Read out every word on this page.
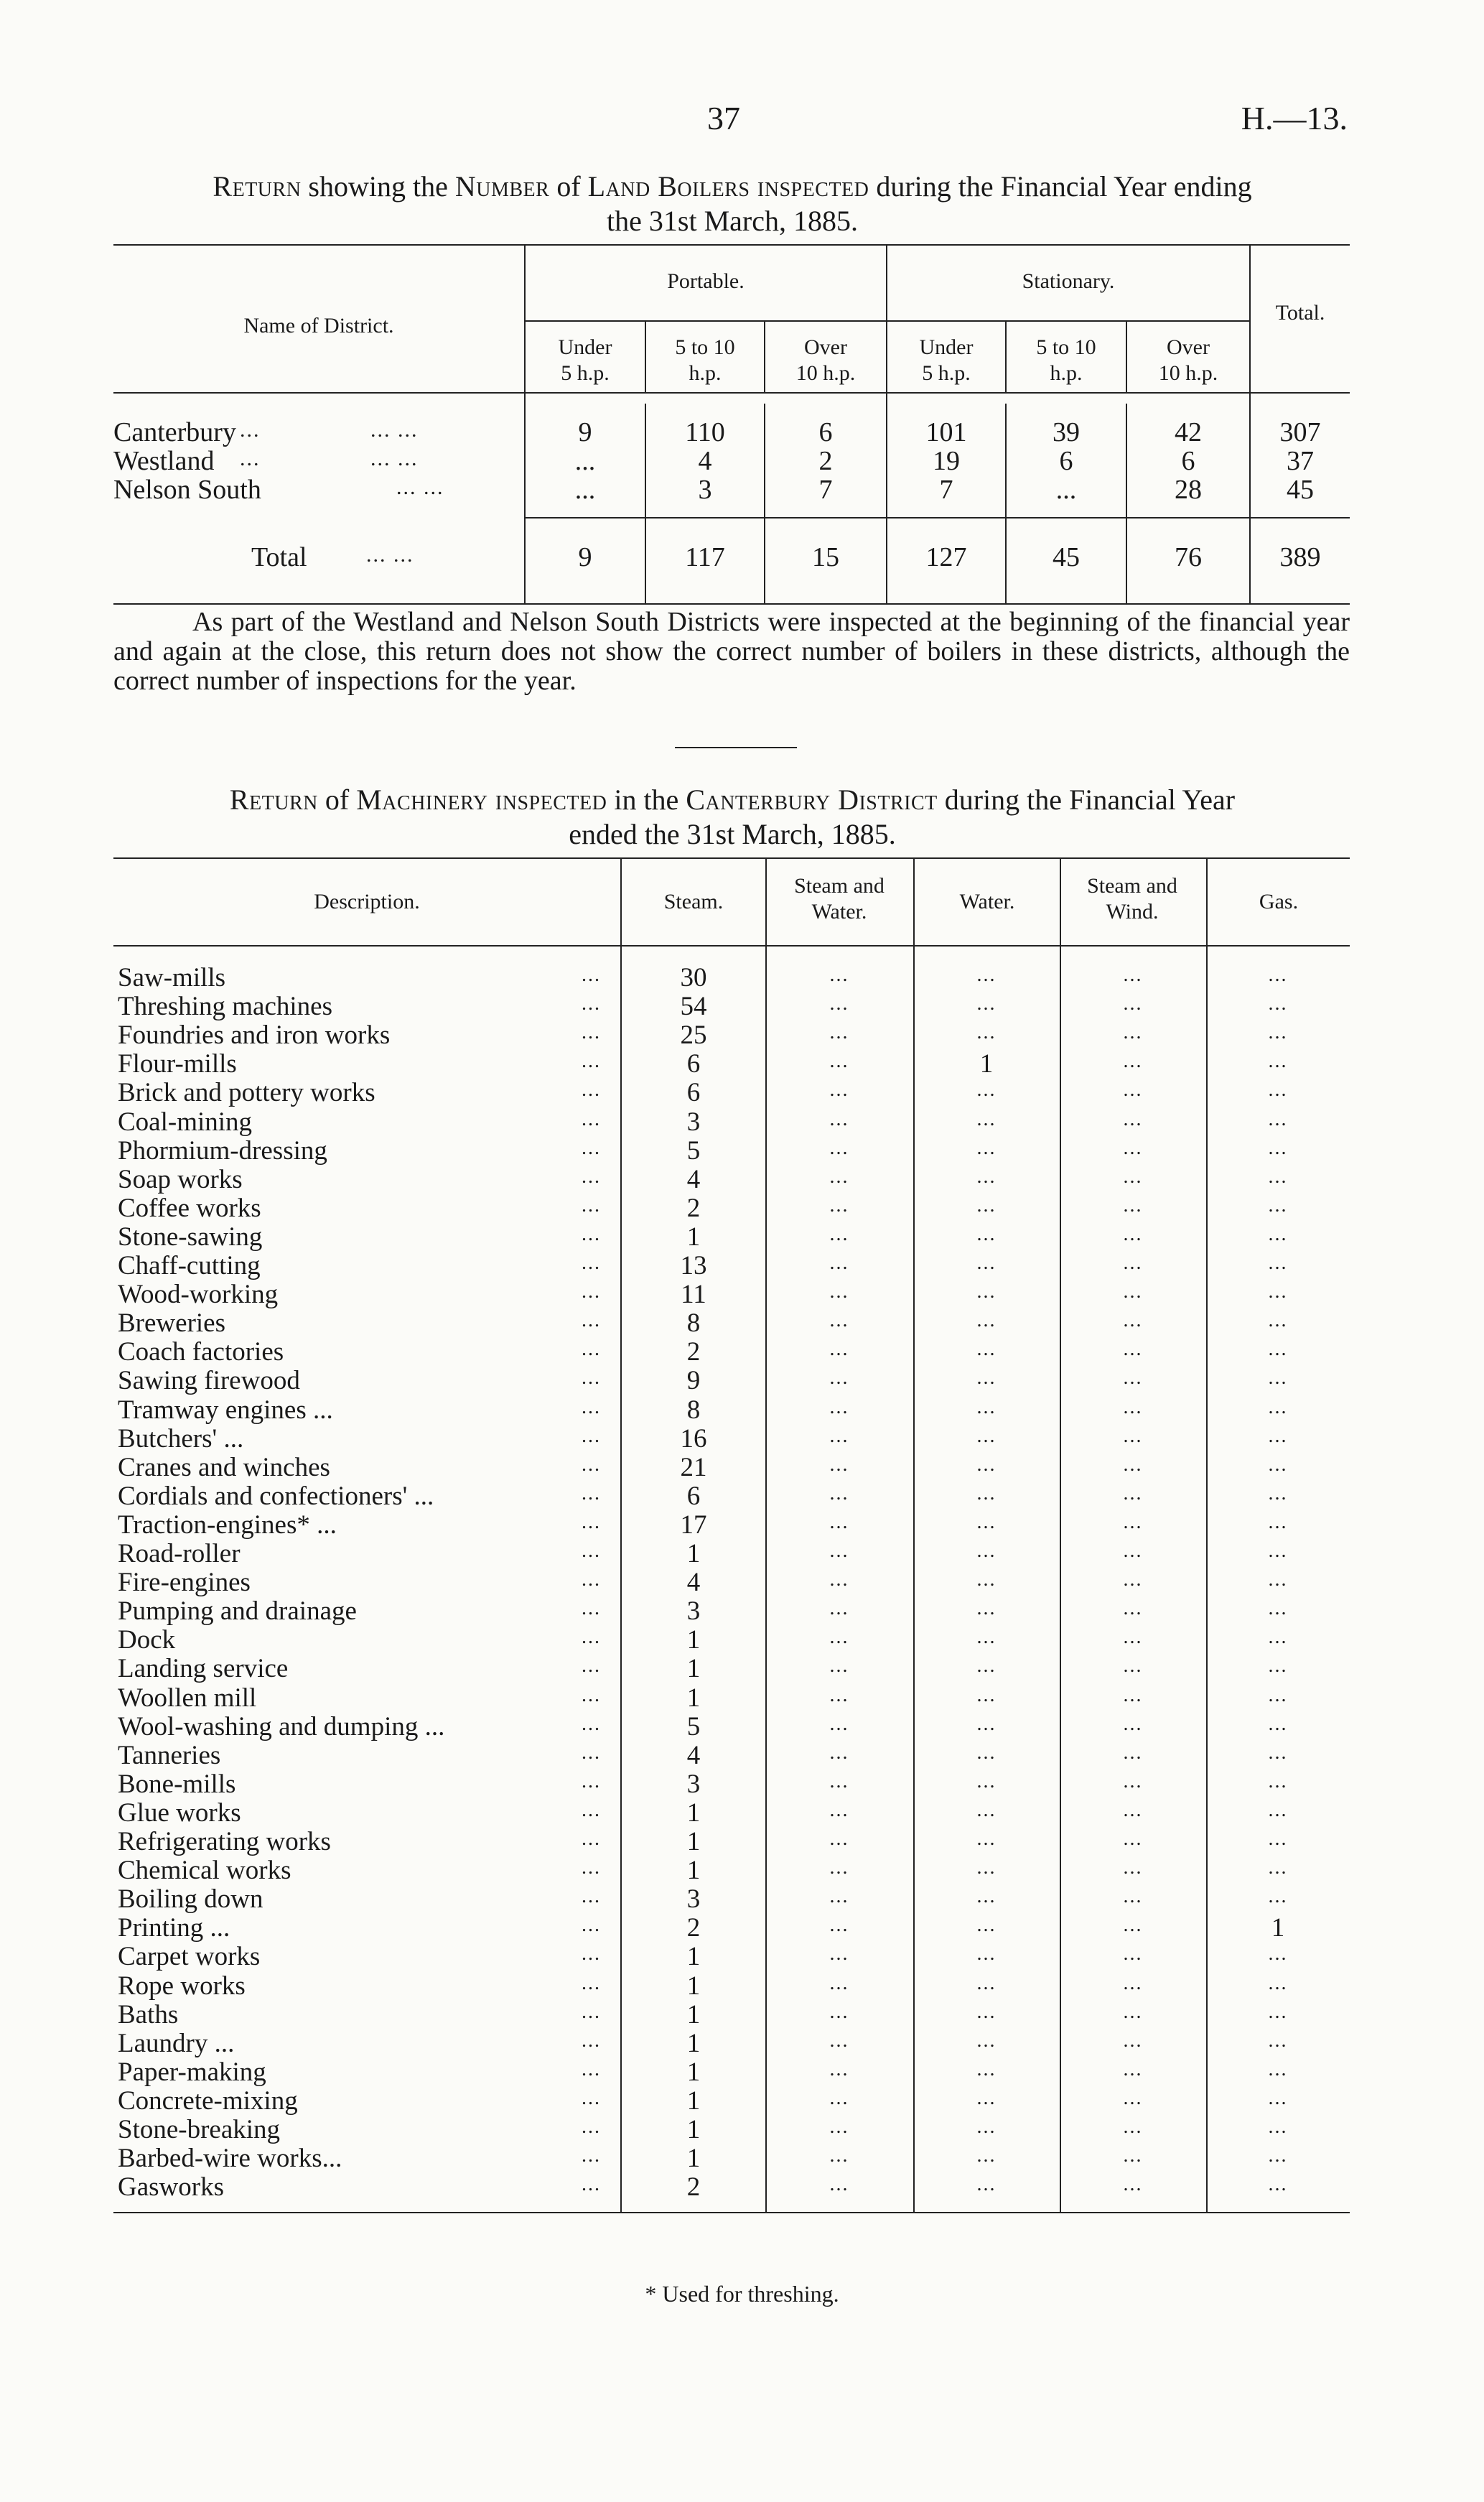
37	H.—13.
Return showing the Number of Land Boilers inspected during the Financial Year ending
the 31st March, 1885.
Name of District.
Portable.	Stationary.
Total.
Under
5 h.p.
5 to 10
h.p.
Over
10 h.p.
Under
5 h.p.
5 to 10
h.p.
Over
10 h.p.
Canterbury ...	... ...	9	110	6	101	39	42	307
Westland ...	... ...	...	4	2	19	6	6	37
Nelson South	... ...	...	3	7	7	...	28	45
Total	... ...	9	117	15	127	45	76	389
As part of the Westland and Nelson South Districts were inspected at the beginning of the financial year and again at the close, this return does not show the correct number of boilers in these districts, although the correct number of inspections for the year.
Return of Machinery inspected in the Canterbury District during the Financial Year
ended the 31st March, 1885.
Description.	Steam.
Steam and Water.	Water.
Steam and Wind.	Gas.
Saw-mills	...	30	...	...	...	...
Threshing machines	...	54	...	...	...	...
Foundries and iron works	...	25	...	...	...	...
Flour-mills	...	6	...	1	...	...
Brick and pottery works	...	6	...	...	...	...
Coal-mining	...	3	...	...	...	...
Phormium-dressing	...	5	...	...	...	...
Soap works	...	4	...	...	...	...
Coffee works	...	2	...	...	...	...
Stone-sawing	...	1	...	...	...	...
Chaff-cutting	...	13	...	...	...	...
Wood-working	...	11	...	...	...	...
Breweries	...	8	...	...	...	...
Coach factories	...	2	...	...	...	...
Sawing firewood	...	9	...	...	...	...
Tramway engines ...	...	8	...	...	...	...
Butchers' ...	...	16	...	...	...	...
Cranes and winches	...	21	...	...	...	...
Cordials and confectioners' ...	...	6	...	...	...	...
Traction-engines* ...	...	17	...	...	...	...
Road-roller	...	1	...	...	...	...
Fire-engines	...	4	...	...	...	...
Pumping and drainage	...	3	...	...	...	...
Dock	...	1	...	...	...	...
Landing service	...	1	...	...	...	...
Woollen mill	...	1	...	...	...	...
Wool-washing and dumping ...	...	5	...	...	...	...
Tanneries	...	4	...	...	...	...
Bone-mills	...	3	...	...	...	...
Glue works	...	1	...	...	...	...
Refrigerating works	...	1	...	...	...	...
Chemical works	...	1	...	...	...	...
Boiling down	...	3	...	...	...	...
Printing ...	...	2	...	...	...	1
Carpet works	...	1	...	...	...	...
Rope works	...	1	...	...	...	...
Baths	...	1	...	...	...	...
Laundry ...	...	1	...	...	...	...
Paper-making	...	1	...	...	...	...
Concrete-mixing	...	1	...	...	...	...
Stone-breaking	...	1	...	...	...	...
Barbed-wire works...	...	1	...	...	...	...
Gasworks	...	2	...	...	...	...
* Used for threshing.
